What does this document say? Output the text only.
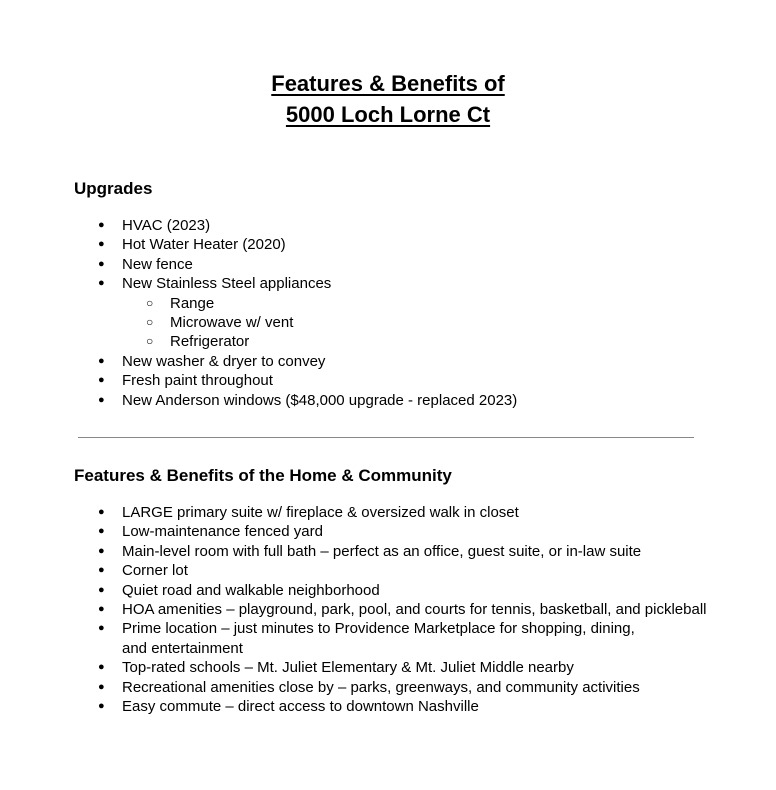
Features & Benefits of
5000 Loch Lorne Ct
Upgrades
● HVAC (2023)
● Hot Water Heater (2020)
● New fence
● New Stainless Steel appliances
○ Range
○ Microwave w/ vent
○ Refrigerator
● New washer & dryer to convey
● Fresh paint throughout
● New Anderson windows ($48,000 upgrade - replaced 2023)
Features & Benefits of the Home & Community
● LARGE primary suite w/ fireplace & oversized walk in closet
● Low-maintenance fenced yard
● Main-level room with full bath – perfect as an office, guest suite, or in-law suite
● Corner lot
● Quiet road and walkable neighborhood
● HOA amenities – playground, park, pool, and courts for tennis, basketball, and pickleball
● Prime location – just minutes to Providence Marketplace for shopping, dining, and entertainment
● Top-rated schools – Mt. Juliet Elementary & Mt. Juliet Middle nearby
● Recreational amenities close by – parks, greenways, and community activities
● Easy commute – direct access to downtown Nashville
